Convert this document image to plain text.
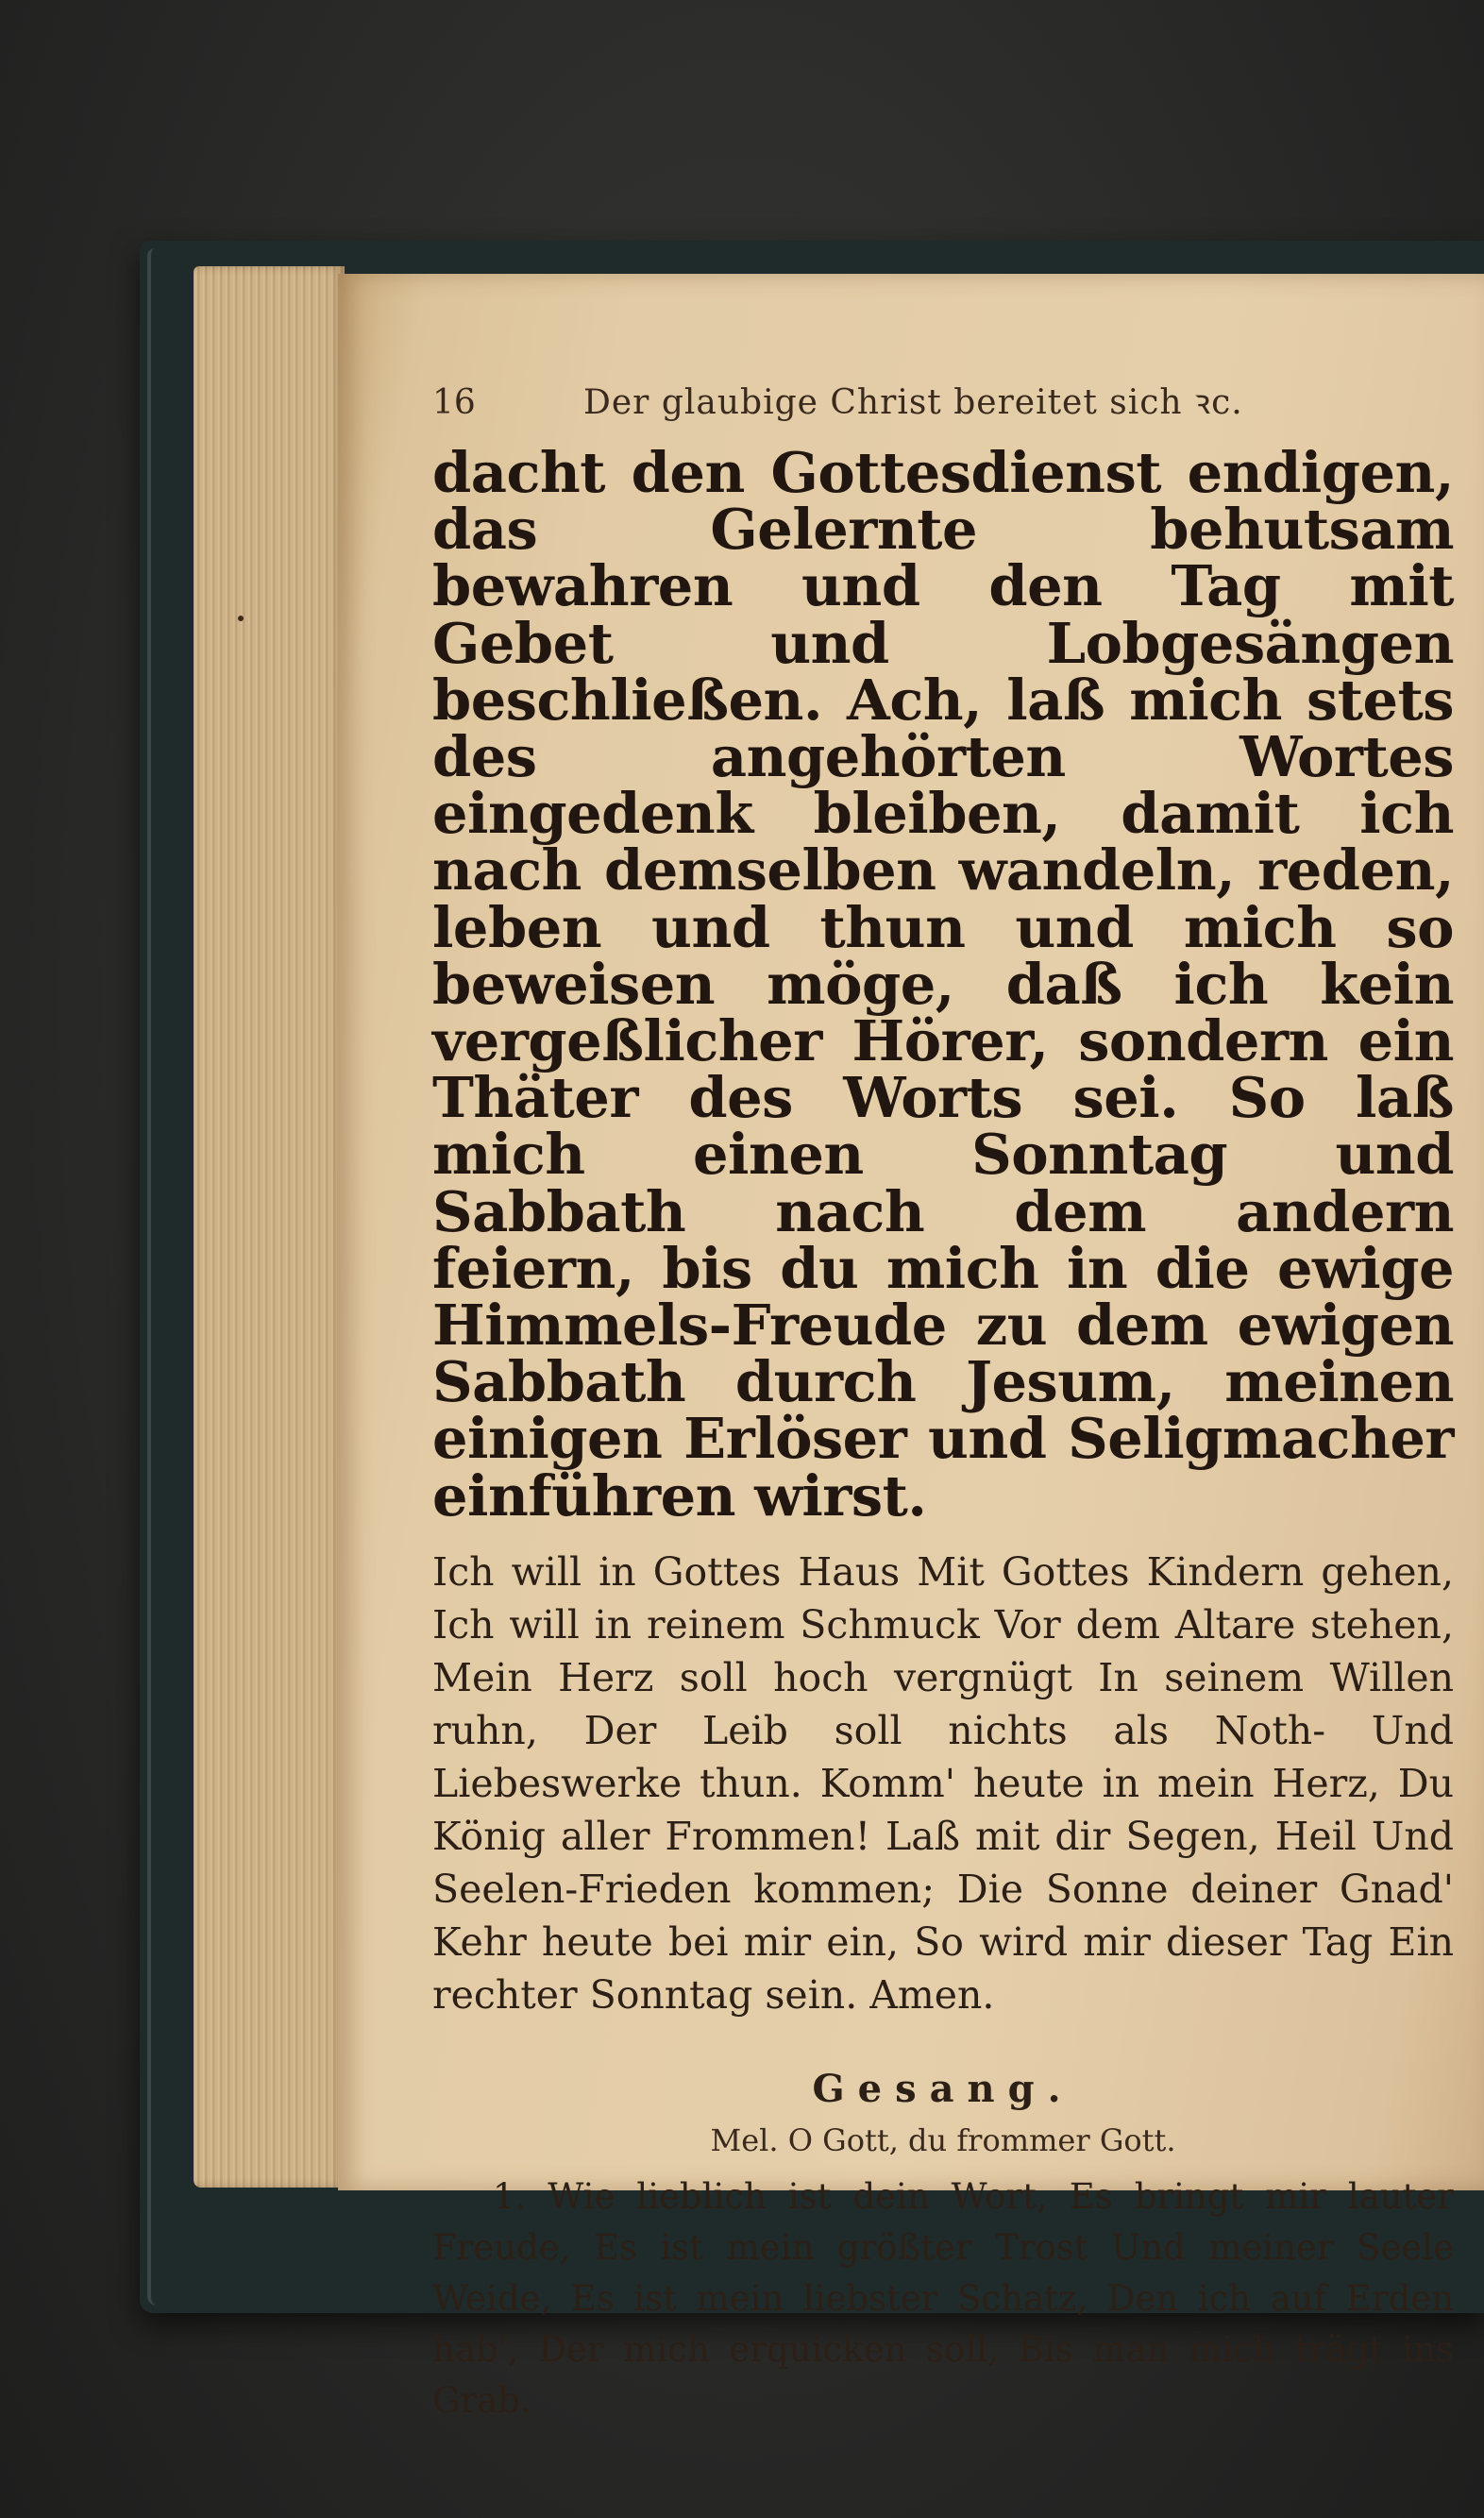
16	Der glaubige Christ bereitet sich ꝛc.

dacht den Gottesdienst endigen, das Gelernte behutsam bewahren und den Tag mit Gebet und Lobgesängen beschließen. Ach, laß mich stets des angehörten Wortes eingedenk bleiben, damit ich nach demselben wandeln, reden, leben und thun und mich so beweisen möge, daß ich kein vergeßlicher Hörer, sondern ein Thäter des Worts sei. So laß mich einen Sonntag und Sabbath nach dem andern feiern, bis du mich in die ewige Himmels-Freude zu dem ewigen Sabbath durch Jesum, meinen einigen Erlöser und Seligmacher einführen wirst.

Ich will in Gottes Haus Mit Gottes Kindern gehen, Ich will in reinem Schmuck Vor dem Altare stehen, Mein Herz soll hoch vergnügt In seinem Willen ruhn, Der Leib soll nichts als Noth- Und Liebeswerke thun. Komm' heute in mein Herz, Du König aller Frommen! Laß mit dir Segen, Heil Und Seelen-Frieden kommen; Die Sonne deiner Gnad' Kehr heute bei mir ein, So wird mir dieser Tag Ein rechter Sonntag sein. Amen.

Gesang.
Mel. O Gott, du frommer Gott.

1. Wie lieblich ist dein Wort, Es bringt mir lauter Freude, Es ist mein größter Trost Und meiner Seele Weide, Es ist mein liebster Schatz, Den ich auf Erden hab', Der mich erquicken soll, Bis man mich trägt ins Grab.
